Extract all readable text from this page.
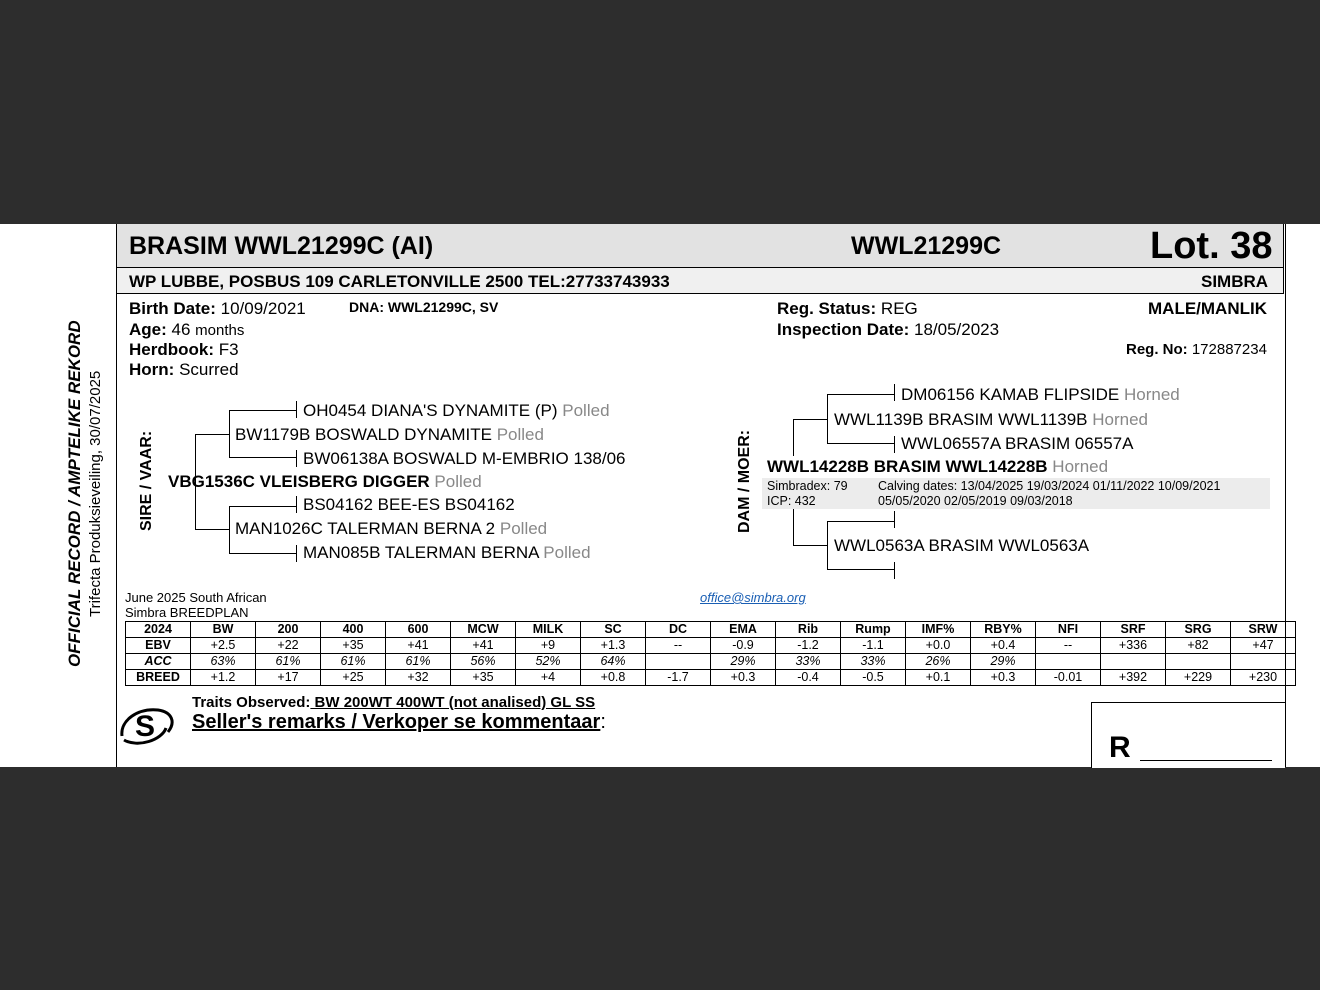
OFFICIAL RECORD / AMPTELIKE REKORD Trifecta Produksieveiling, 30/07/2025
BRASIM WWL21299C (AI)	WWL21299C	Lot. 38
WP LUBBE, POSBUS 109 CARLETONVILLE 2500 TEL:27733743933	SIMBRA
Birth Date: 10/09/2021	DNA: WWL21299C, SV
Age: 46 months
Herdbook: F3
Horn: Scurred
Reg. Status: REG
Inspection Date: 18/05/2023
MALE/MANLIK
Reg. No: 172887234
SIRE / VAAR:
OH0454 DIANA'S DYNAMITE (P) Polled
BW1179B BOSWALD DYNAMITE Polled
BW06138A BOSWALD M-EMBRIO 138/06
VBG1536C VLEISBERG DIGGER Polled
BS04162 BEE-ES BS04162
MAN1026C TALERMAN BERNA 2 Polled
MAN085B TALERMAN BERNA Polled
DAM / MOER:
DM06156 KAMAB FLIPSIDE Horned
WWL1139B BRASIM WWL1139B Horned
WWL06557A BRASIM 06557A
WWL14228B BRASIM WWL14228B Horned
Simbradex: 79
ICP: 432
Calving dates: 13/04/2025 19/03/2024 01/11/2022 10/09/2021
05/05/2020 02/05/2019 09/03/2018
WWL0563A BRASIM WWL0563A
June 2025 South African
Simbra BREEDPLAN
office@simbra.org
2024	BW	200	400	600	MCW	MILK	SC	DC	EMA	Rib	Rump	IMF%	RBY%	NFI	SRF	SRG	SRW
EBV	+2.5	+22	+35	+41	+41	+9	+1.3	--	-0.9	-1.2	-1.1	+0.0	+0.4	--	+336	+82	+47
ACC	63%	61%	61%	61%	56%	52%	64%		29%	33%	33%	26%	29%				
BREED	+1.2	+17	+25	+32	+35	+4	+0.8	-1.7	+0.3	-0.4	-0.5	+0.1	+0.3	-0.01	+392	+229	+230
S
Traits Observed: BW 200WT 400WT (not analised) GL SS
Seller's remarks / Verkoper se kommentaar:
R
